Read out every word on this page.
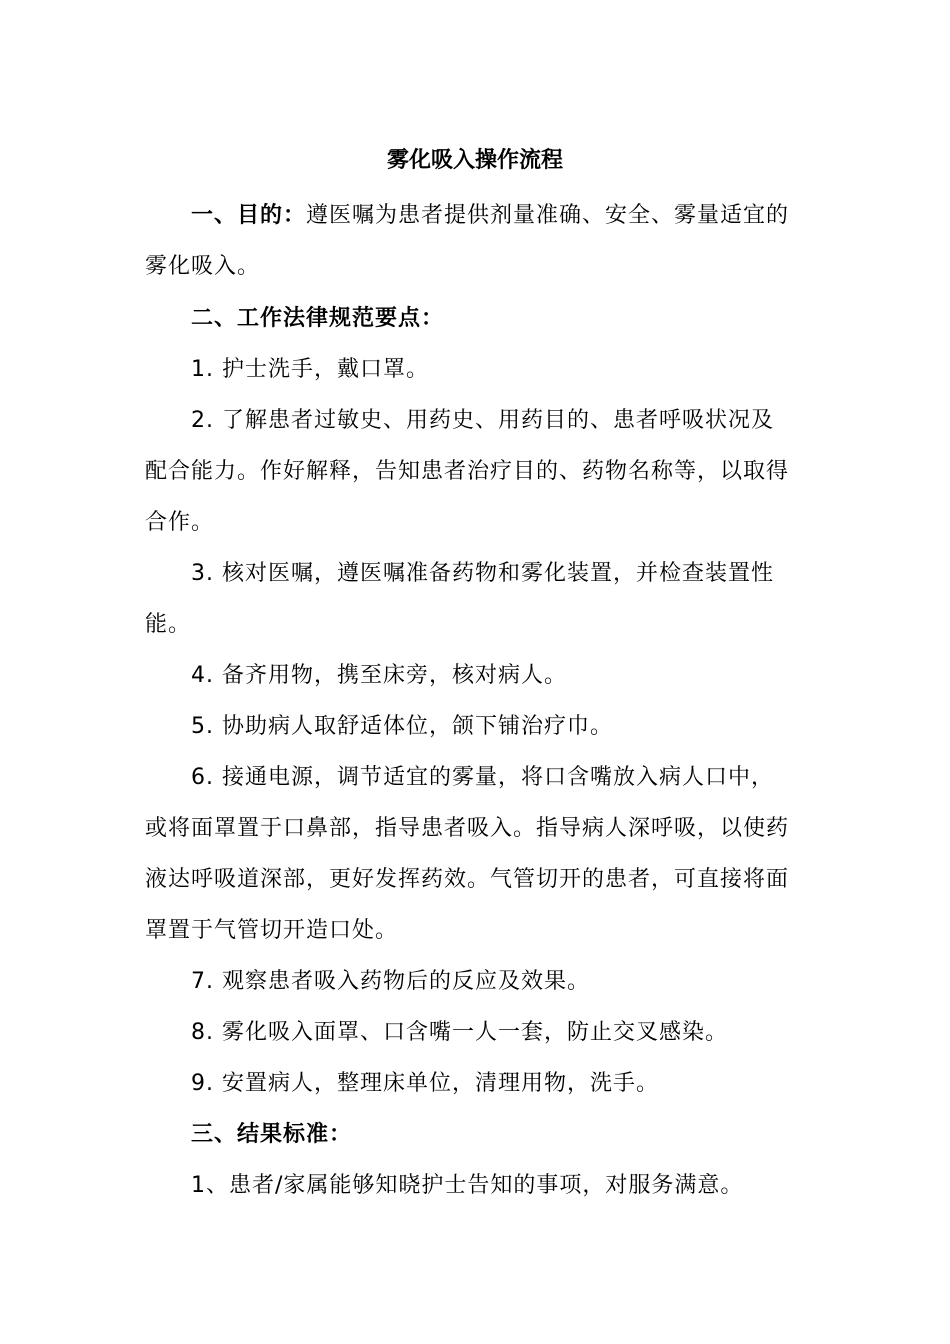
雾化吸入操作流程

一、目的：遵医嘱为患者提供剂量准确、安全、雾量适宜的雾化吸入。

二、工作法律规范要点：

1. 护士洗手，戴口罩。

2. 了解患者过敏史、用药史、用药目的、患者呼吸状况及配合能力。作好解释，告知患者治疗目的、药物名称等，以取得合作。

3. 核对医嘱，遵医嘱准备药物和雾化装置，并检查装置性能。

4. 备齐用物，携至床旁，核对病人。

5. 协助病人取舒适体位，颌下铺治疗巾。

6. 接通电源，调节适宜的雾量，将口含嘴放入病人口中，或将面罩置于口鼻部，指导患者吸入。指导病人深呼吸，以使药液达呼吸道深部，更好发挥药效。气管切开的患者，可直接将面罩置于气管切开造口处。

7. 观察患者吸入药物后的反应及效果。

8. 雾化吸入面罩、口含嘴一人一套，防止交叉感染。

9. 安置病人，整理床单位，清理用物，洗手。

三、结果标准：

1、患者/家属能够知晓护士告知的事项，对服务满意。
